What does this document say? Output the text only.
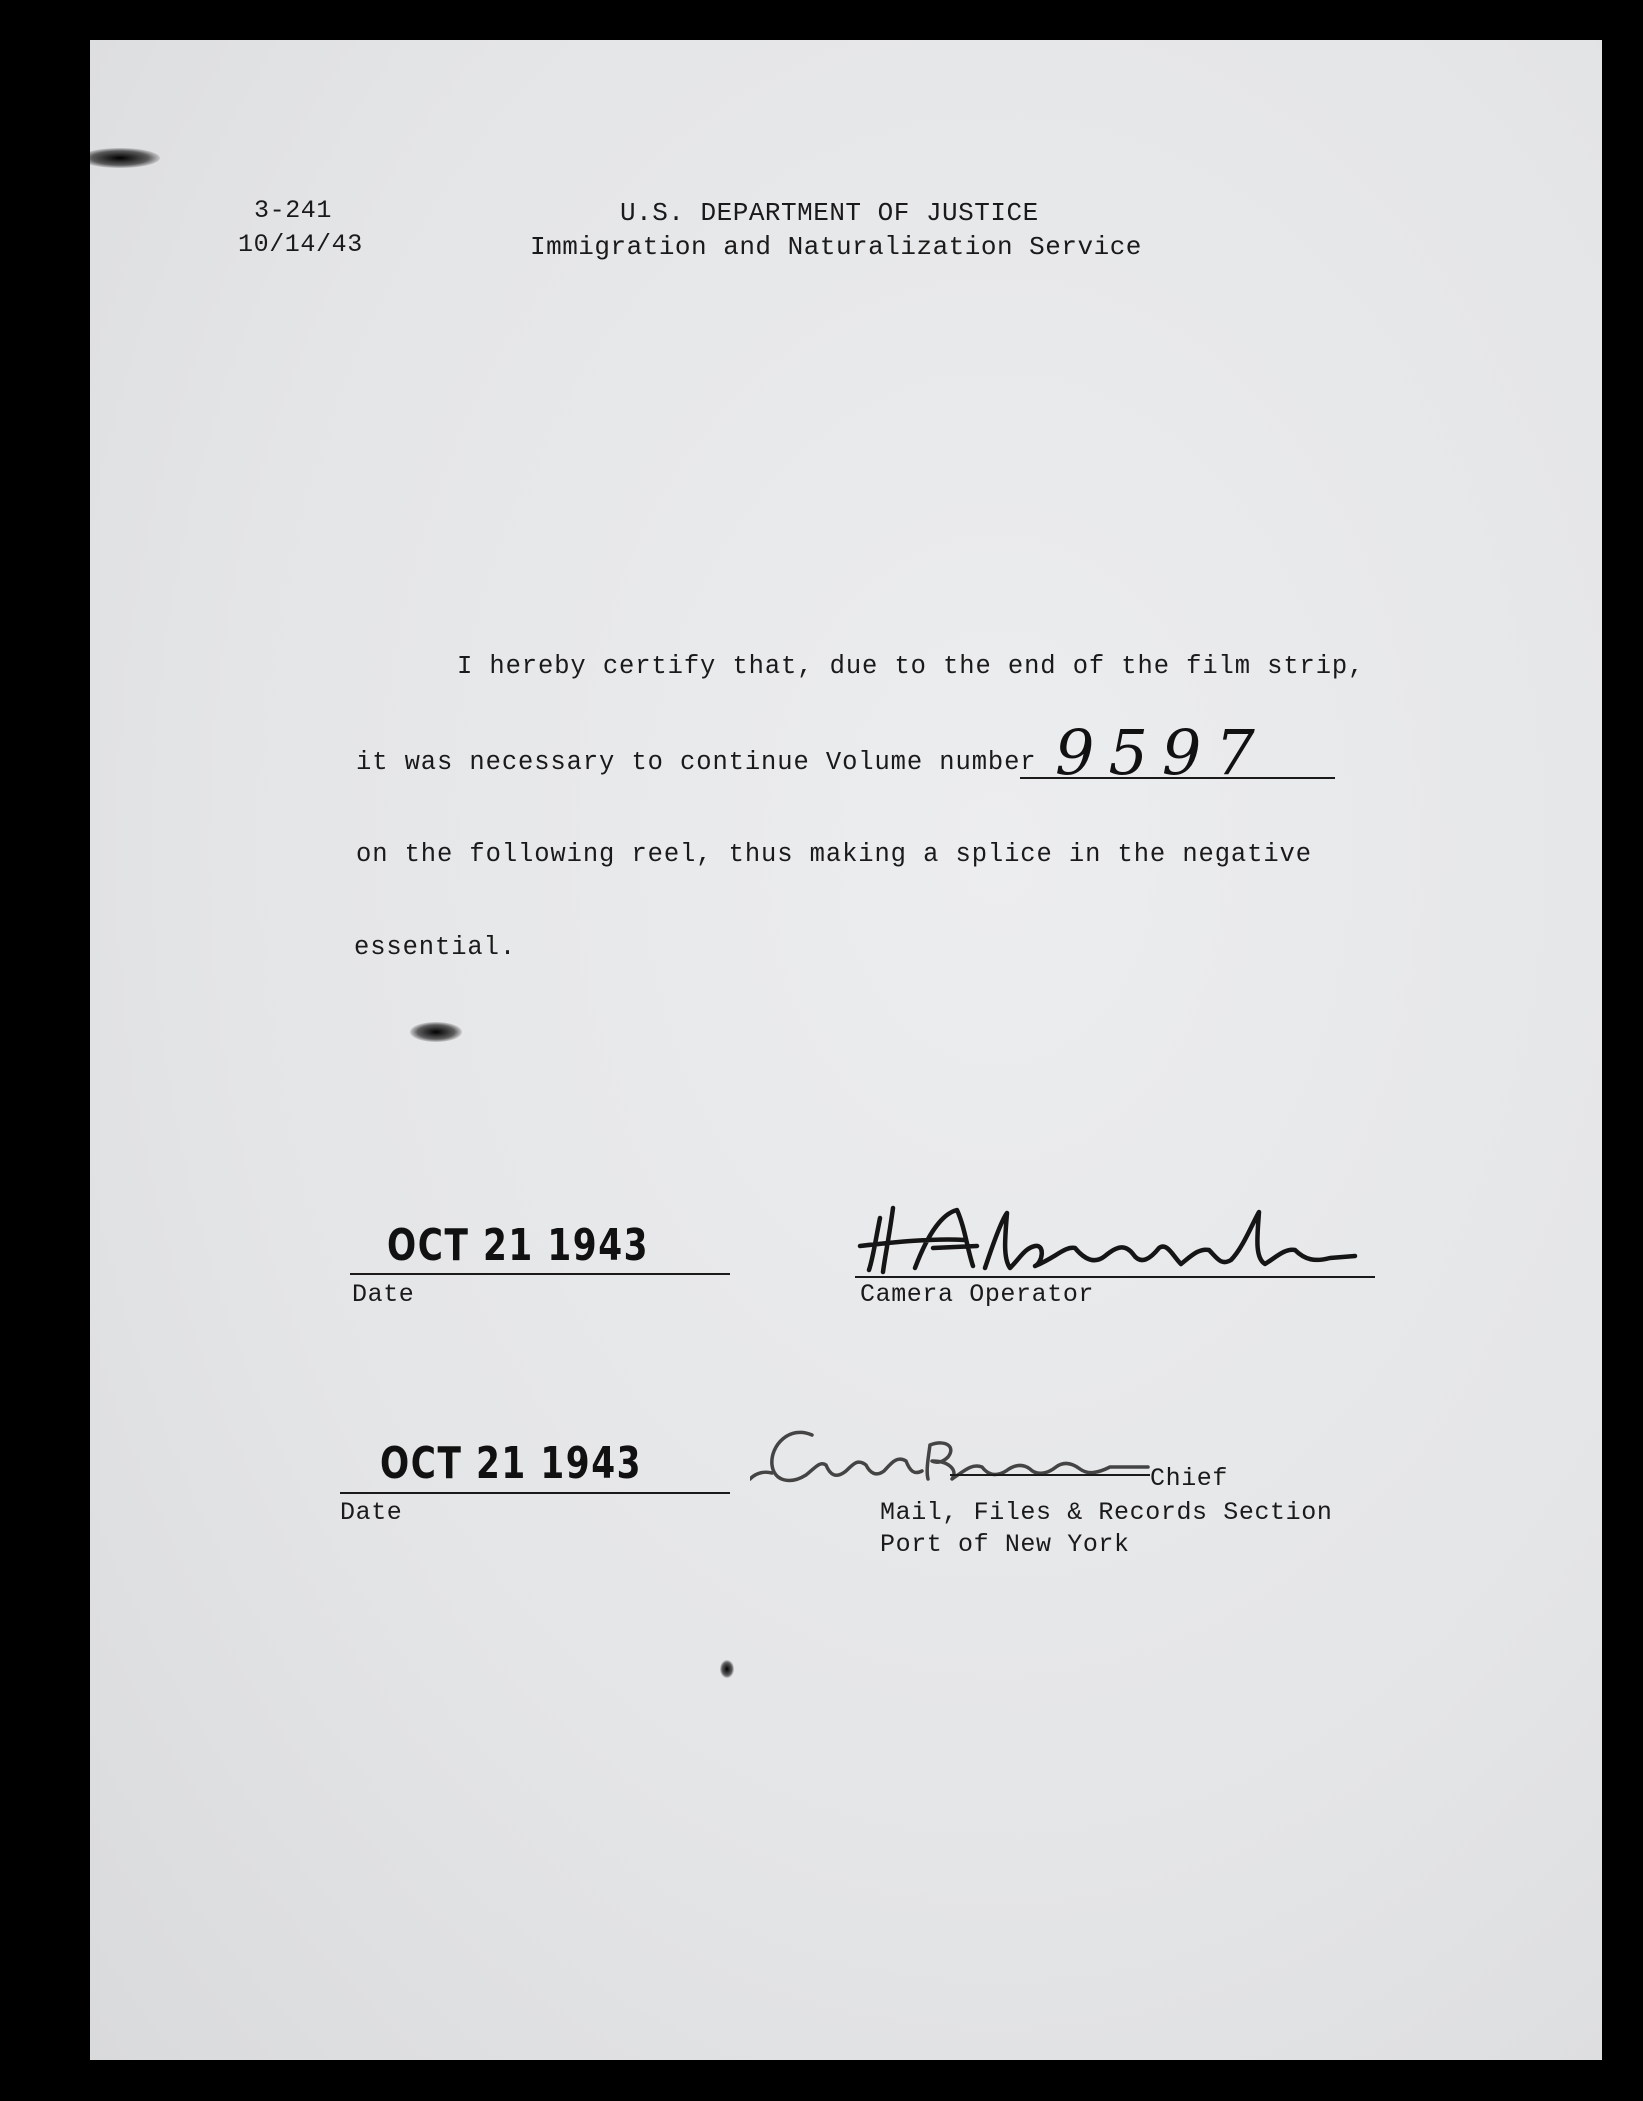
3-241
10/14/43
U.S. DEPARTMENT OF JUSTICE
Immigration and Naturalization Service
I hereby certify that, due to the end of the film strip,
it was necessary to continue Volume number 9597
on the following reel, thus making a splice in the negative
essential.
OCT 21 1943
Date	Camera Operator
OCT 21 1943
Date
Chief
Mail, Files & Records Section
Port of New York
